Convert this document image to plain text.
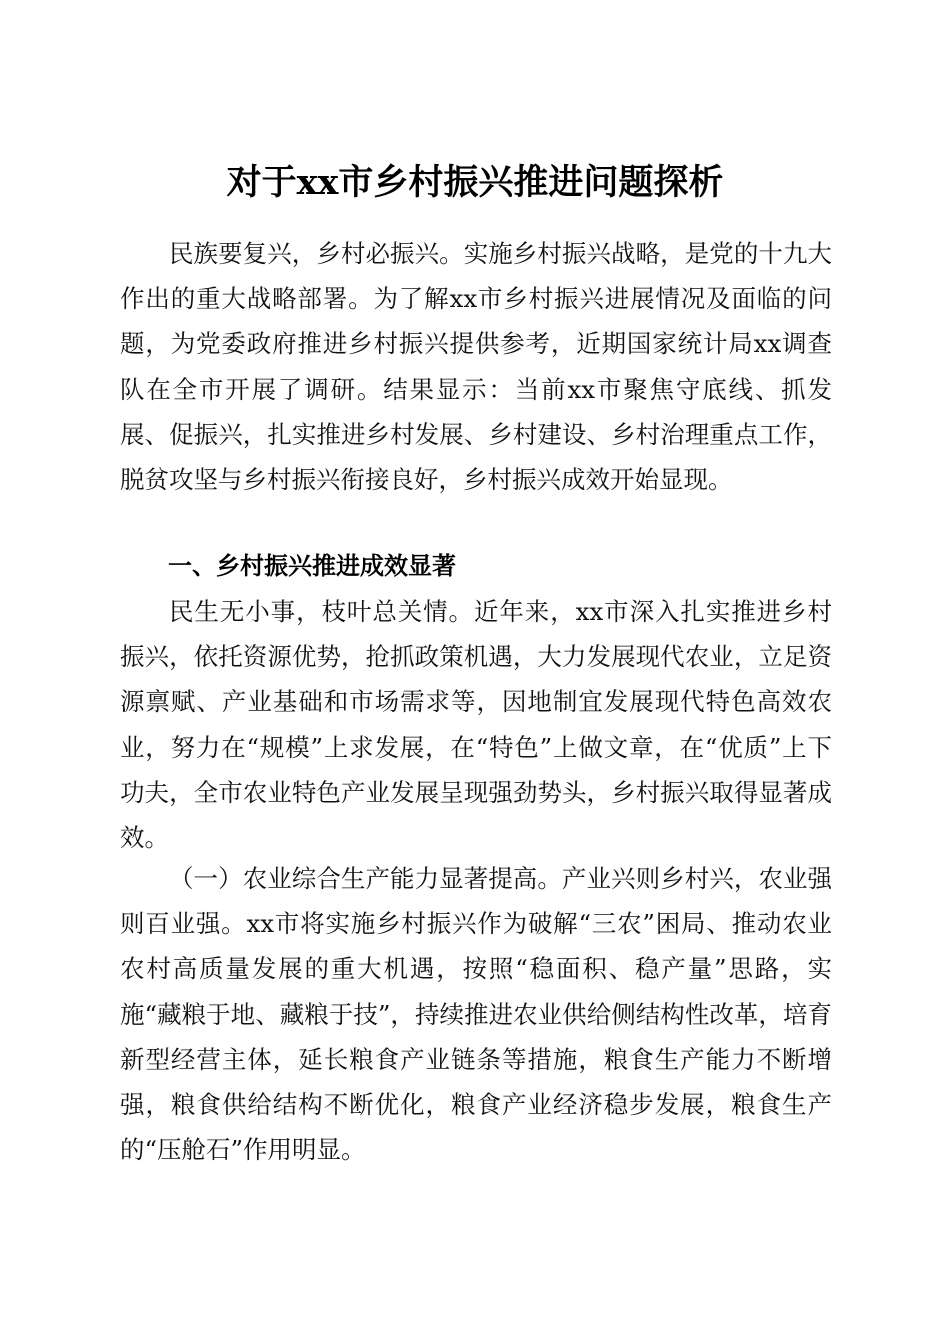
对于xx市乡村振兴推进问题探析

民族要复兴，乡村必振兴。实施乡村振兴战略，是党的十九大作出的重大战略部署。为了解xx市乡村振兴进展情况及面临的问题，为党委政府推进乡村振兴提供参考，近期国家统计局xx调查队在全市开展了调研。结果显示：当前xx市聚焦守底线、抓发展、促振兴，扎实推进乡村发展、乡村建设、乡村治理重点工作，脱贫攻坚与乡村振兴衔接良好，乡村振兴成效开始显现。

一、乡村振兴推进成效显著

民生无小事，枝叶总关情。近年来，xx市深入扎实推进乡村振兴，依托资源优势，抢抓政策机遇，大力发展现代农业，立足资源禀赋、产业基础和市场需求等，因地制宜发展现代特色高效农业，努力在“规模”上求发展，在“特色”上做文章，在“优质”上下功夫，全市农业特色产业发展呈现强劲势头，乡村振兴取得显著成效。

（一）农业综合生产能力显著提高。产业兴则乡村兴，农业强则百业强。xx市将实施乡村振兴作为破解“三农”困局、推动农业农村高质量发展的重大机遇，按照“稳面积、稳产量”思路，实施“藏粮于地、藏粮于技”，持续推进农业供给侧结构性改革，培育新型经营主体，延长粮食产业链条等措施，粮食生产能力不断增强，粮食供给结构不断优化，粮食产业经济稳步发展，粮食生产的“压舱石”作用明显。
